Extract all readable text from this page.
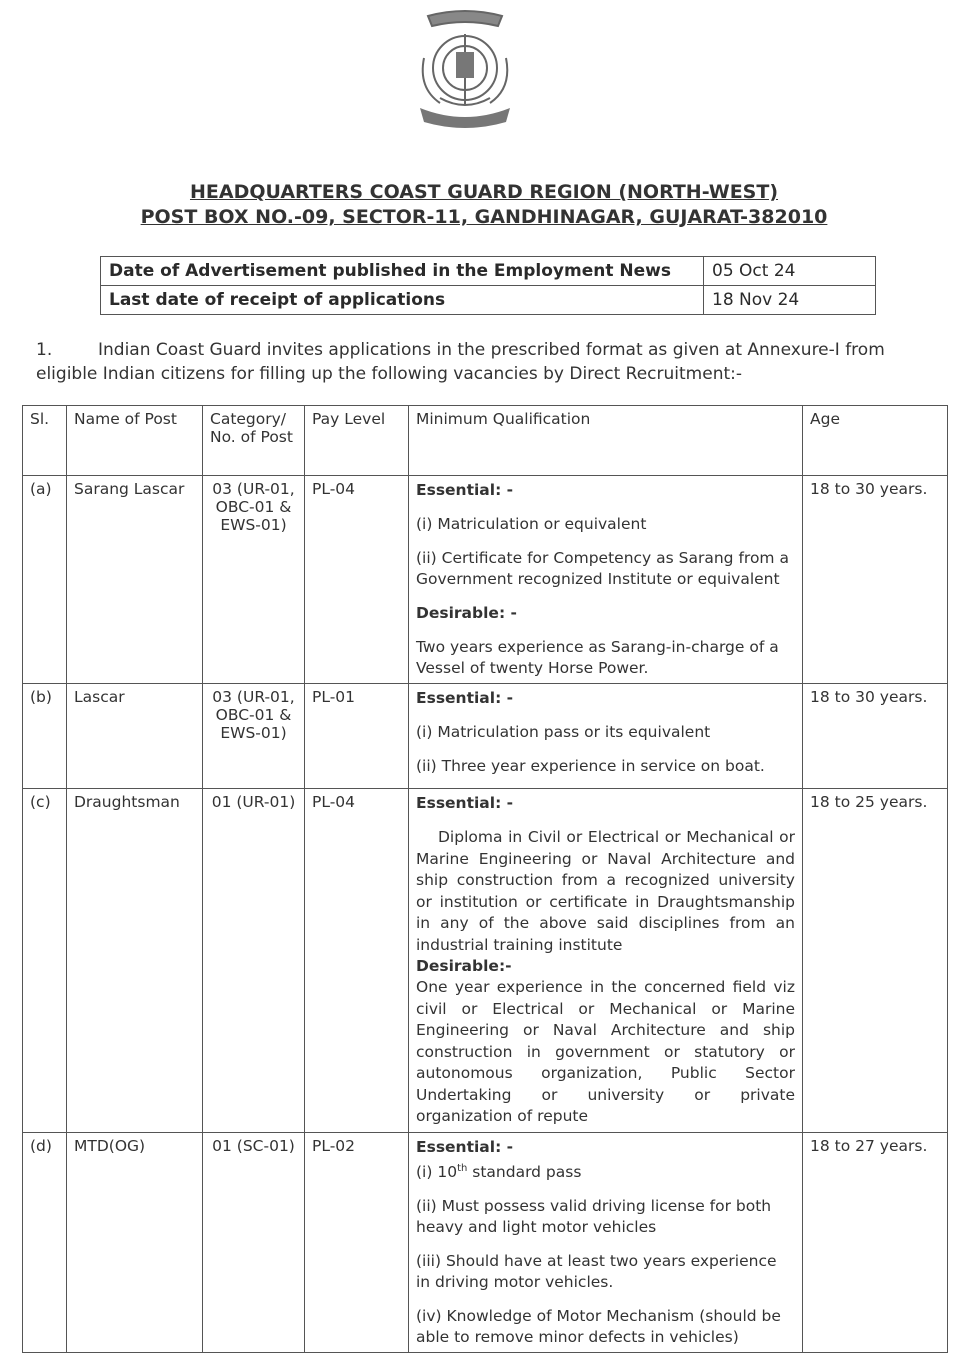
HEADQUARTERS COAST GUARD REGION (NORTH-WEST)
POST BOX NO.-09, SECTOR-11, GANDHINAGAR, GUJARAT-382010
Date of Advertisement published in the Employment News	05 Oct 24
Last date of receipt of applications	18 Nov 24
1.	Indian Coast Guard invites applications in the prescribed format as given at Annexure-I from eligible Indian citizens for filling up the following vacancies by Direct Recruitment:-
Sl.	Name of Post	Category/ No. of Post	Pay Level	Minimum Qualification	Age
(a)	Sarang Lascar	03 (UR-01, OBC-01 & EWS-01)	PL-04	Essential: -

(i) Matriculation or equivalent

(ii) Certificate for Competency as Sarang from a Government recognized Institute or equivalent

Desirable: -

Two years experience as Sarang-in-charge of a Vessel of twenty Horse Power.	18 to 30 years.
(b)	Lascar	03 (UR-01, OBC-01 & EWS-01)	PL-01	Essential: -

(i) Matriculation pass or its equivalent

(ii) Three year experience in service on boat.	18 to 30 years.
(c)	Draughtsman	01 (UR-01)	PL-04	Essential: -

Diploma in Civil or Electrical or Mechanical or Marine Engineering or Naval Architecture and ship construction from a recognized university or institution or certificate in Draughtsmanship in any of the above said disciplines from an industrial training institute

Desirable:-

One year experience in the concerned field viz civil or Electrical or Mechanical or Marine Engineering or Naval Architecture and ship construction in government or statutory or autonomous organization, Public Sector Undertaking or university or private organization of repute	18 to 25 years.
(d)	MTD(OG)	01 (SC-01)	PL-02	Essential: -

(i) 10th standard pass

(ii) Must possess valid driving license for both heavy and light motor vehicles

(iii) Should have at least two years experience in driving motor vehicles.

(iv) Knowledge of Motor Mechanism (should be able to remove minor defects in vehicles)	18 to 27 years.
